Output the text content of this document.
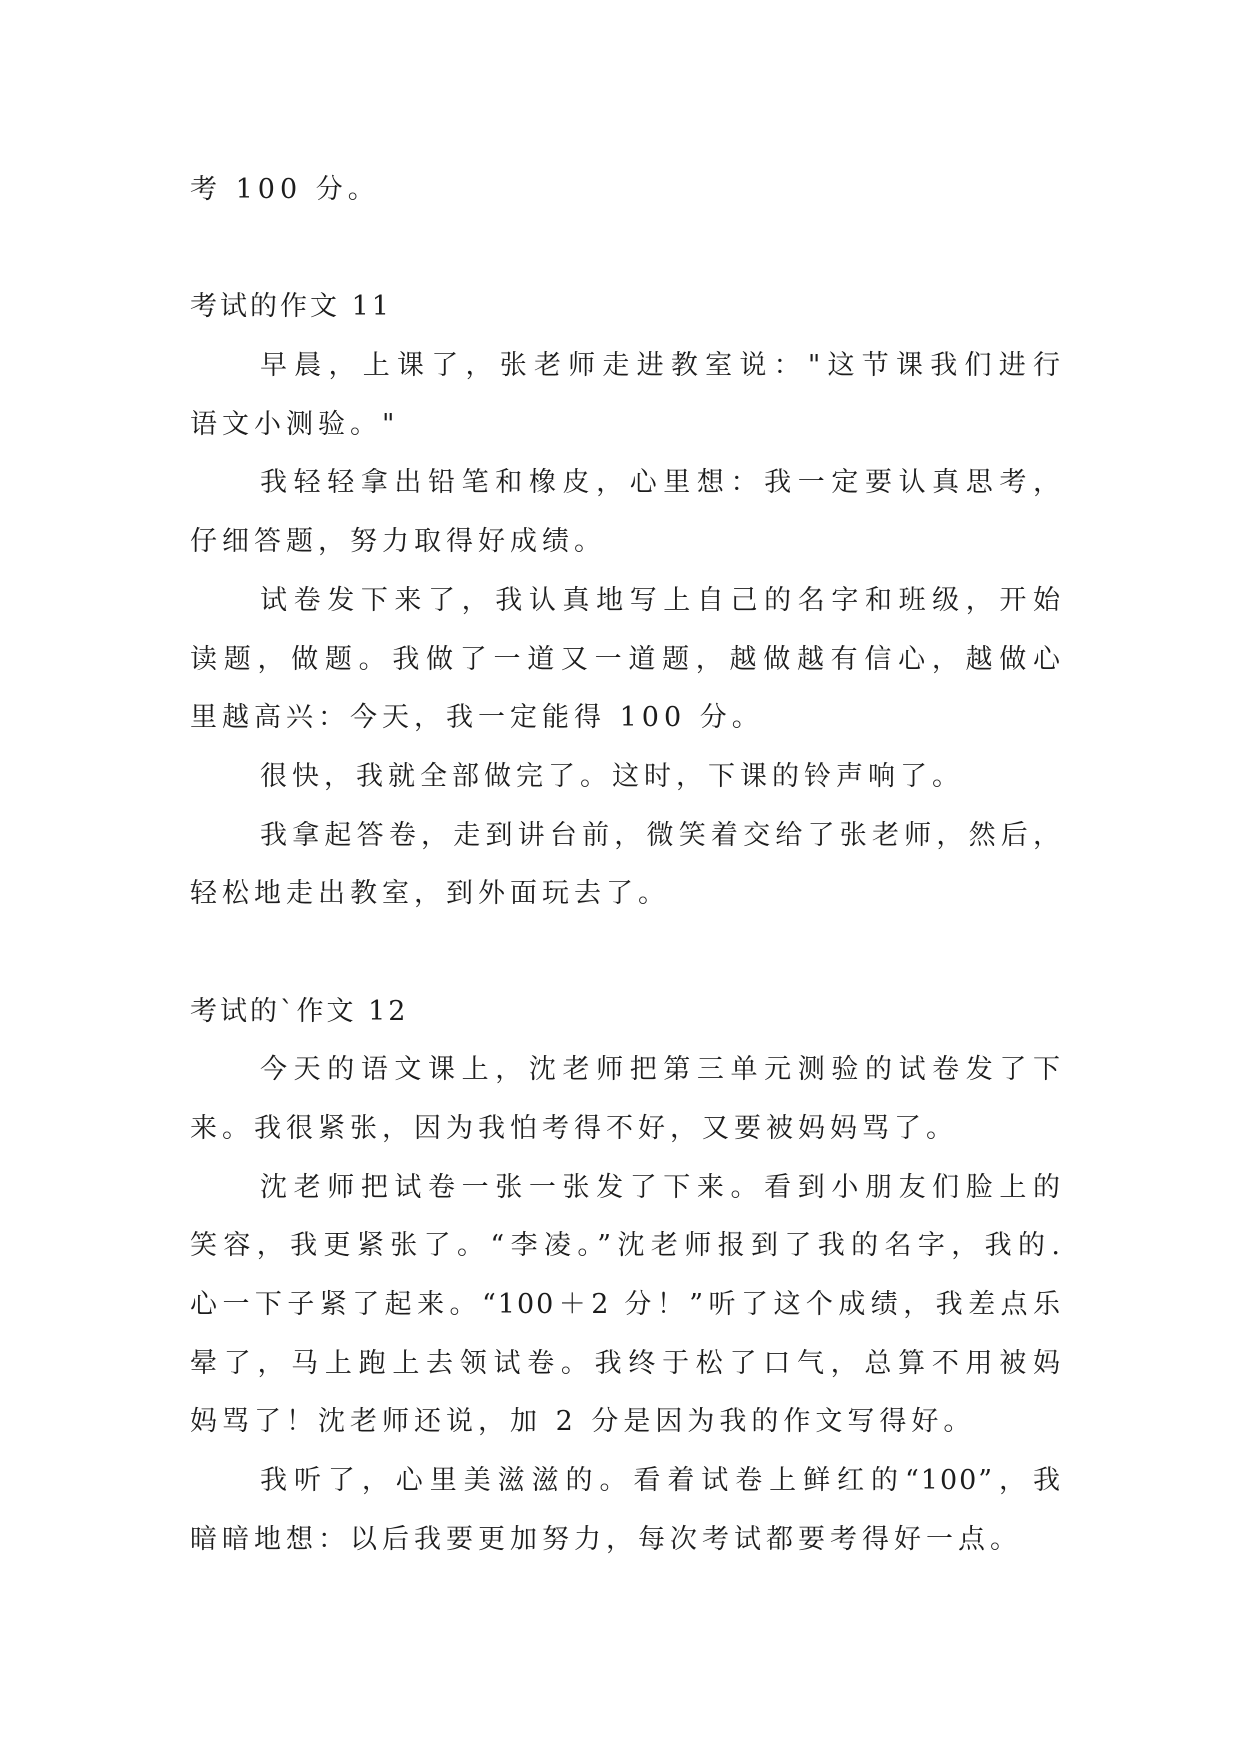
考 100 分。
考试的作文 11
早晨，上课了，张老师走进教室说："这节课我们进行
语文小测验。"
我轻轻拿出铅笔和橡皮，心里想：我一定要认真思考，
仔细答题，努力取得好成绩。
试卷发下来了，我认真地写上自己的名字和班级，开始
读题，做题。我做了一道又一道题，越做越有信心，越做心
里越高兴：今天，我一定能得 100 分。
很快，我就全部做完了。这时，下课的铃声响了。
我拿起答卷，走到讲台前，微笑着交给了张老师，然后，
轻松地走出教室，到外面玩去了。
考试的`作文 12
今天的语文课上，沈老师把第三单元测验的试卷发了下
来。我很紧张，因为我怕考得不好，又要被妈妈骂了。
沈老师把试卷一张一张发了下来。看到小朋友们脸上的
笑容，我更紧张了。“李凌。”沈老师报到了我的名字，我的.
心一下子紧了起来。“100＋2 分！”听了这个成绩，我差点乐
晕了，马上跑上去领试卷。我终于松了口气，总算不用被妈
妈骂了！沈老师还说，加 2 分是因为我的作文写得好。
我听了，心里美滋滋的。看着试卷上鲜红的“100”，我
暗暗地想：以后我要更加努力，每次考试都要考得好一点。
